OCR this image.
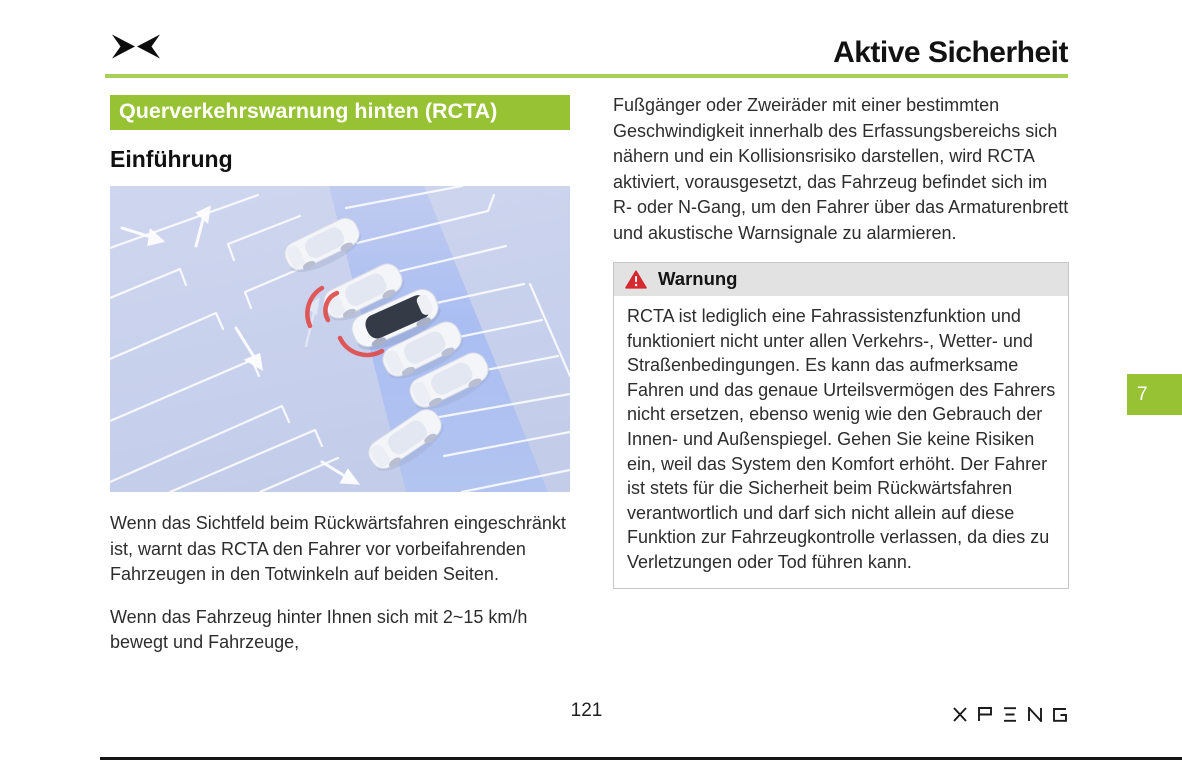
Aktive Sicherheit
Querverkehrswarnung hinten (RCTA)
Einführung

Wenn das Sichtfeld beim Rückwärtsfahren eingeschränkt ist, warnt das RCTA den Fahrer vor vorbeifahrenden Fahrzeugen in den Totwinkeln auf beiden Seiten.

Wenn das Fahrzeug hinter Ihnen sich mit 2~15 km/h bewegt und Fahrzeuge,

Fußgänger oder Zweiräder mit einer bestimmten Geschwindigkeit innerhalb des Erfassungsbereichs sich nähern und ein Kollisionsrisiko darstellen, wird RCTA aktiviert, vorausgesetzt, das Fahrzeug befindet sich im R- oder N-Gang, um den Fahrer über das Armaturenbrett und akustische Warnsignale zu alarmieren.

Warnung
RCTA ist lediglich eine Fahrassistenzfunktion und funktioniert nicht unter allen Verkehrs-, Wetter- und Straßenbedingungen. Es kann das aufmerksame Fahren und das genaue Urteilsvermögen des Fahrers nicht ersetzen, ebenso wenig wie den Gebrauch der Innen- und Außenspiegel. Gehen Sie keine Risiken ein, weil das System den Komfort erhöht. Der Fahrer ist stets für die Sicherheit beim Rückwärtsfahren verantwortlich und darf sich nicht allein auf diese Funktion zur Fahrzeugkontrolle verlassen, da dies zu Verletzungen oder Tod führen kann.
7
121
